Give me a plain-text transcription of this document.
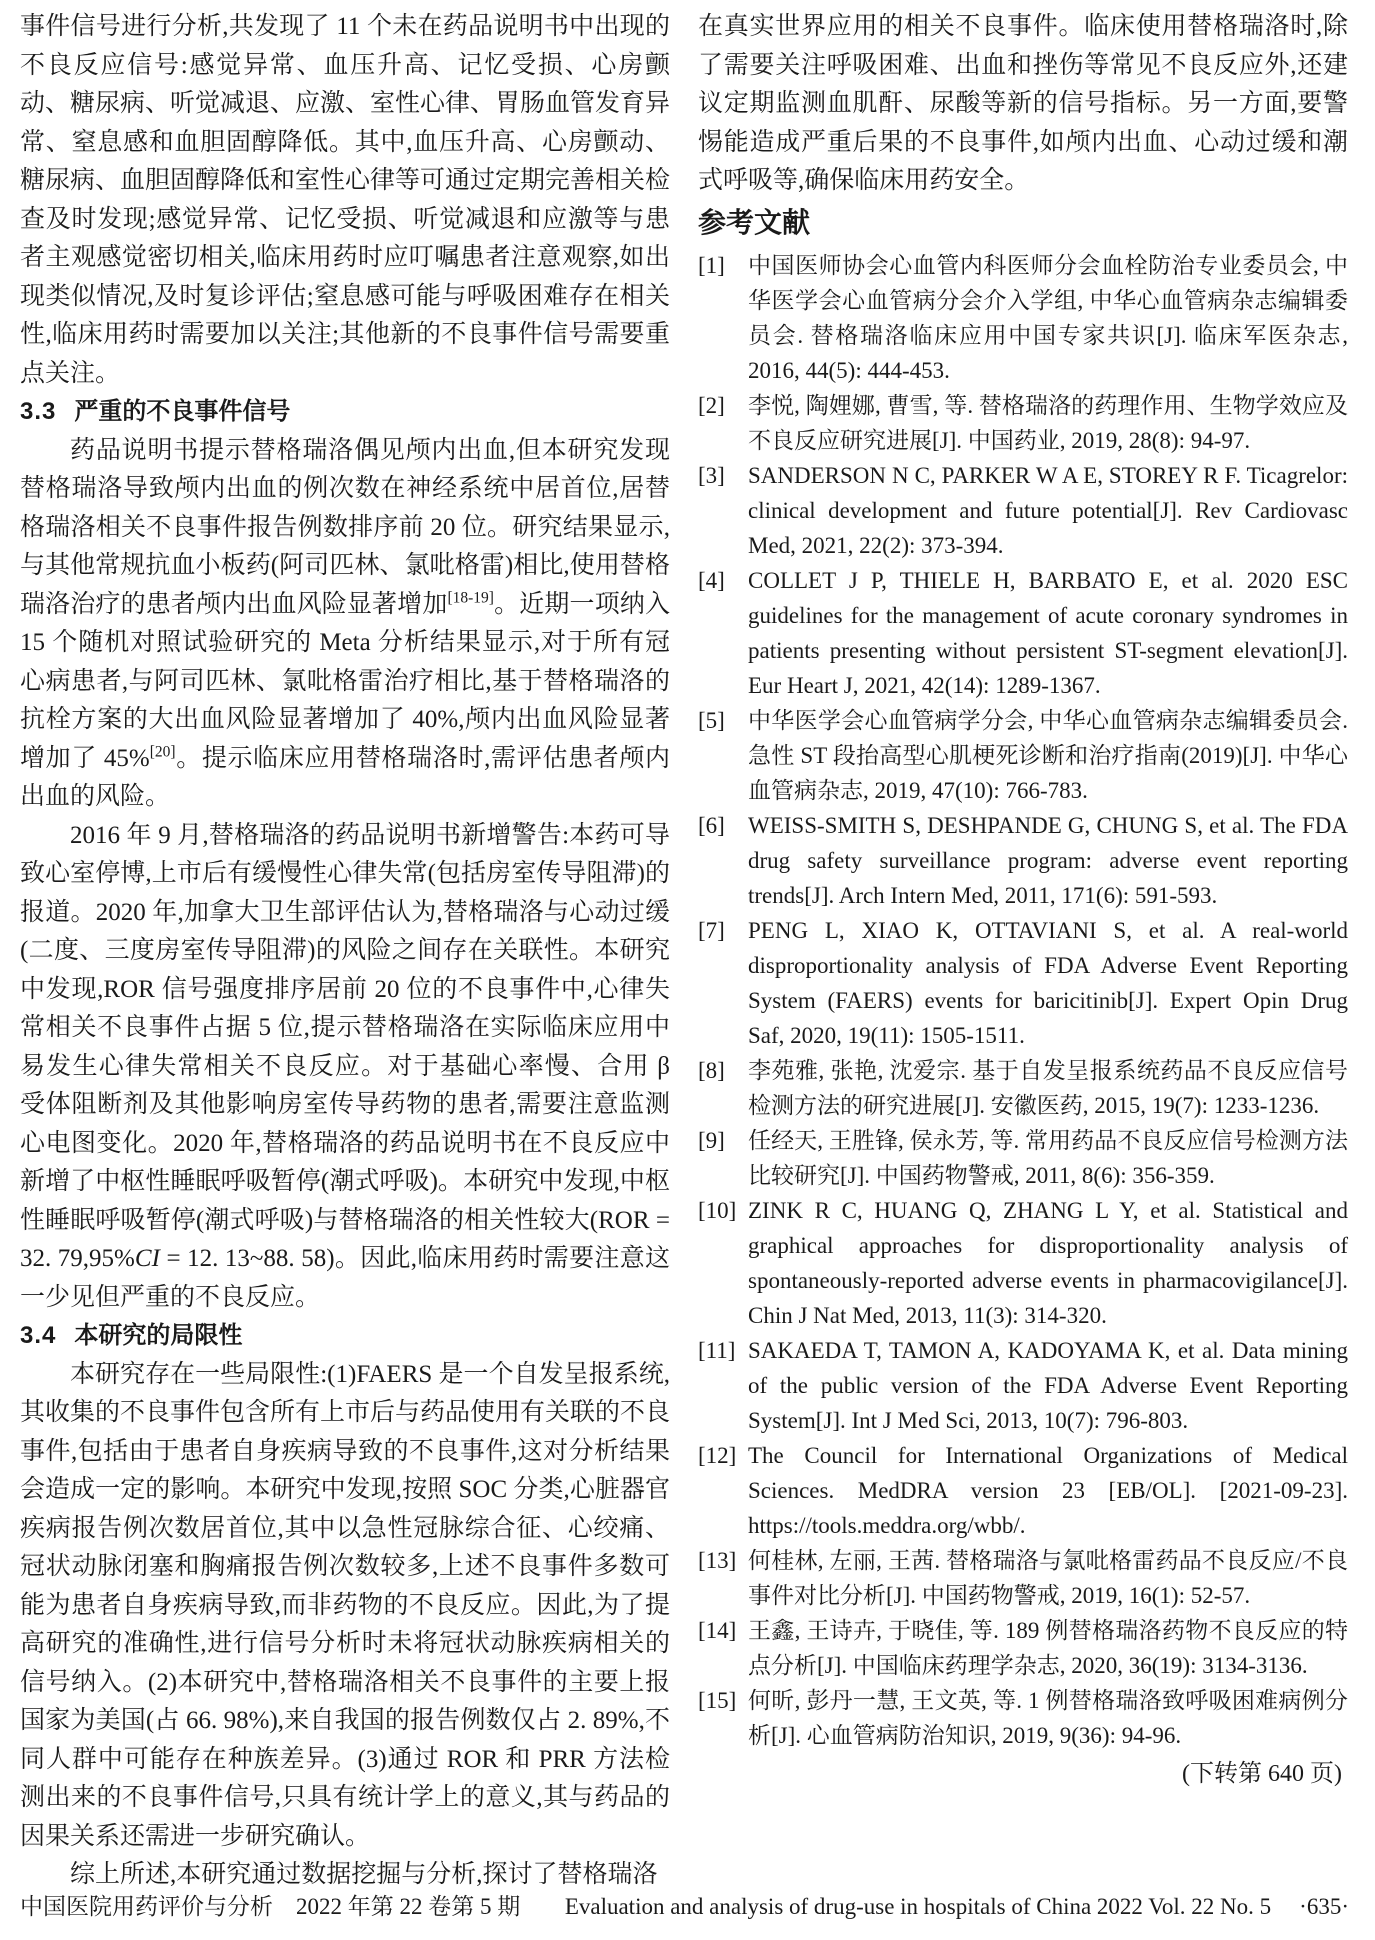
事件信号进行分析,共发现了 11 个未在药品说明书中出现的不良反应信号:感觉异常、血压升高、记忆受损、心房颤动、糖尿病、听觉减退、应激、室性心律、胃肠血管发育异常、窒息感和血胆固醇降低。其中,血压升高、心房颤动、糖尿病、血胆固醇降低和室性心律等可通过定期完善相关检查及时发现;感觉异常、记忆受损、听觉减退和应激等与患者主观感觉密切相关,临床用药时应叮嘱患者注意观察,如出现类似情况,及时复诊评估;窒息感可能与呼吸困难存在相关性,临床用药时需要加以关注;其他新的不良事件信号需要重点关注。

3.3 严重的不良事件信号

药品说明书提示替格瑞洛偶见颅内出血,但本研究发现替格瑞洛导致颅内出血的例次数在神经系统中居首位,居替格瑞洛相关不良事件报告例数排序前 20 位。研究结果显示,与其他常规抗血小板药(阿司匹林、氯吡格雷)相比,使用替格瑞洛治疗的患者颅内出血风险显著增加[18-19]。近期一项纳入 15 个随机对照试验研究的 Meta 分析结果显示,对于所有冠心病患者,与阿司匹林、氯吡格雷治疗相比,基于替格瑞洛的抗栓方案的大出血风险显著增加了 40%,颅内出血风险显著增加了 45%[20]。提示临床应用替格瑞洛时,需评估患者颅内出血的风险。

2016 年 9 月,替格瑞洛的药品说明书新增警告:本药可导致心室停博,上市后有缓慢性心律失常(包括房室传导阻滞)的报道。2020 年,加拿大卫生部评估认为,替格瑞洛与心动过缓(二度、三度房室传导阻滞)的风险之间存在关联性。本研究中发现,ROR 信号强度排序居前 20 位的不良事件中,心律失常相关不良事件占据 5 位,提示替格瑞洛在实际临床应用中易发生心律失常相关不良反应。对于基础心率慢、合用 β 受体阻断剂及其他影响房室传导药物的患者,需要注意监测心电图变化。2020 年,替格瑞洛的药品说明书在不良反应中新增了中枢性睡眠呼吸暂停(潮式呼吸)。本研究中发现,中枢性睡眠呼吸暂停(潮式呼吸)与替格瑞洛的相关性较大(ROR = 32. 79,95%CI = 12. 13~88. 58)。因此,临床用药时需要注意这一少见但严重的不良反应。

3.4 本研究的局限性

本研究存在一些局限性:(1)FAERS 是一个自发呈报系统,其收集的不良事件包含所有上市后与药品使用有关联的不良事件,包括由于患者自身疾病导致的不良事件,这对分析结果会造成一定的影响。本研究中发现,按照 SOC 分类,心脏器官疾病报告例次数居首位,其中以急性冠脉综合征、心绞痛、冠状动脉闭塞和胸痛报告例次数较多,上述不良事件多数可能为患者自身疾病导致,而非药物的不良反应。因此,为了提高研究的准确性,进行信号分析时未将冠状动脉疾病相关的信号纳入。(2)本研究中,替格瑞洛相关不良事件的主要上报国家为美国(占 66. 98%),来自我国的报告例数仅占 2. 89%,不同人群中可能存在种族差异。(3)通过 ROR 和 PRR 方法检测出来的不良事件信号,只具有统计学上的意义,其与药品的因果关系还需进一步研究确认。

综上所述,本研究通过数据挖掘与分析,探讨了替格瑞洛

在真实世界应用的相关不良事件。临床使用替格瑞洛时,除了需要关注呼吸困难、出血和挫伤等常见不良反应外,还建议定期监测血肌酐、尿酸等新的信号指标。另一方面,要警惕能造成严重后果的不良事件,如颅内出血、心动过缓和潮式呼吸等,确保临床用药安全。

参考文献

[1] 中国医师协会心血管内科医师分会血栓防治专业委员会, 中华医学会心血管病分会介入学组, 中华心血管病杂志编辑委员会. 替格瑞洛临床应用中国专家共识[J]. 临床军医杂志, 2016, 44(5): 444-453.

[2] 李悦, 陶娌娜, 曹雪, 等. 替格瑞洛的药理作用、生物学效应及不良反应研究进展[J]. 中国药业, 2019, 28(8): 94-97.

[3] SANDERSON N C, PARKER W A E, STOREY R F. Ticagrelor: clinical development and future potential[J]. Rev Cardiovasc Med, 2021, 22(2): 373-394.

[4] COLLET J P, THIELE H, BARBATO E, et al. 2020 ESC guidelines for the management of acute coronary syndromes in patients presenting without persistent ST-segment elevation[J]. Eur Heart J, 2021, 42(14): 1289-1367.

[5] 中华医学会心血管病学分会, 中华心血管病杂志编辑委员会. 急性 ST 段抬高型心肌梗死诊断和治疗指南(2019)[J]. 中华心血管病杂志, 2019, 47(10): 766-783.

[6] WEISS-SMITH S, DESHPANDE G, CHUNG S, et al. The FDA drug safety surveillance program: adverse event reporting trends[J]. Arch Intern Med, 2011, 171(6): 591-593.

[7] PENG L, XIAO K, OTTAVIANI S, et al. A real-world disproportionality analysis of FDA Adverse Event Reporting System (FAERS) events for baricitinib[J]. Expert Opin Drug Saf, 2020, 19(11): 1505-1511.

[8] 李苑雅, 张艳, 沈爱宗. 基于自发呈报系统药品不良反应信号检测方法的研究进展[J]. 安徽医药, 2015, 19(7): 1233-1236.

[9] 任经天, 王胜锋, 侯永芳, 等. 常用药品不良反应信号检测方法比较研究[J]. 中国药物警戒, 2011, 8(6): 356-359.

[10] ZINK R C, HUANG Q, ZHANG L Y, et al. Statistical and graphical approaches for disproportionality analysis of spontaneously-reported adverse events in pharmacovigilance[J]. Chin J Nat Med, 2013, 11(3): 314-320.

[11] SAKAEDA T, TAMON A, KADOYAMA K, et al. Data mining of the public version of the FDA Adverse Event Reporting System[J]. Int J Med Sci, 2013, 10(7): 796-803.

[12] The Council for International Organizations of Medical Sciences. MedDRA version 23 [EB/OL]. [2021-09-23]. https://tools.meddra.org/wbb/.

[13] 何桂林, 左丽, 王茜. 替格瑞洛与氯吡格雷药品不良反应/不良事件对比分析[J]. 中国药物警戒, 2019, 16(1): 52-57.

[14] 王鑫, 王诗卉, 于晓佳, 等. 189 例替格瑞洛药物不良反应的特点分析[J]. 中国临床药理学杂志, 2020, 36(19): 3134-3136.

[15] 何昕, 彭丹一慧, 王文英, 等. 1 例替格瑞洛致呼吸困难病例分析[J]. 心血管病防治知识, 2019, 9(36): 94-96.

(下转第 640 页)

中国医院用药评价与分析　2022 年第 22 卷第 5 期 Evaluation and analysis of drug-use in hospitals of China 2022 Vol. 22 No. 5 ·635·
